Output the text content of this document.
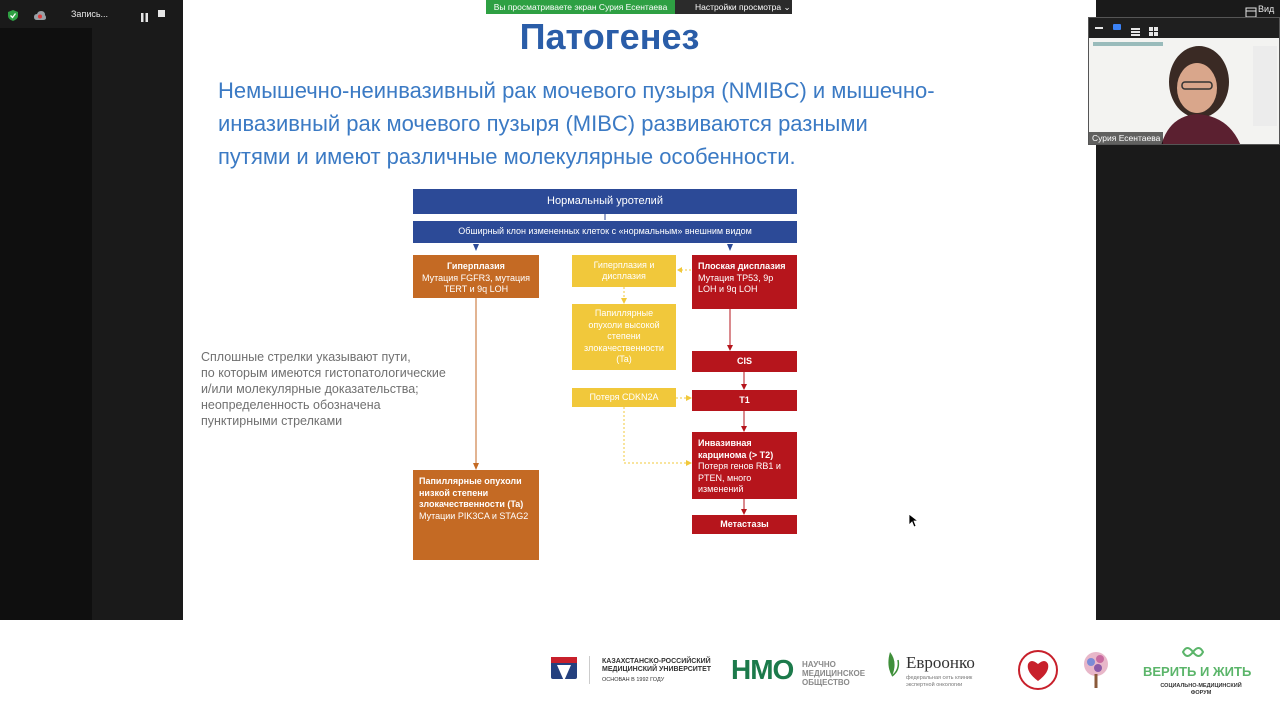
Запись...	Вид
Патогенез
Немышечно-неинвазивный рак мочевого пузыря (NMIBC) и мышечно-
инвазивный рак мочевого пузыря (MIBC) развиваются разными
путями и имеют различные молекулярные особенности.
Сплошные стрелки указывают пути,
по которым имеются гистопатологические
и/или молекулярные доказательства;
неопределенность обозначена
пунктирными стрелками
Нормальный уротелий
Обширный клон измененных клеток с «нормальным» внешним видом
Гиперплазия
Мутация FGFR3, мутация TERT и 9q LOH
Гиперплазия и дисплазия
Плоская дисплазия
Мутация TP53, 9р LOH и 9q LOH
Папиллярные опухоли высокой степени злокачественности (Ta)	CIS
Потеря CDKN2A	T1
Инвазивная карцинома (> T2)
Потеря генов RB1 и PTEN, много изменений
Папиллярные опухоли низкой степени злокачественности (Ta)
Мутации PIK3CA и STAG2
Метастазы
Вы просматриваете экран Сурия Есентаева	Настройки просмотра ⌄
Сурия Есентаева
КАЗАХСТАНСКО-РОССИЙСКИЙ МЕДИЦИНСКИЙ УНИВЕРСИТЕТ
ОСНОВАН В 1992 ГОДУ НМО НАУЧНО МЕДИЦИНСКОЕ ОБЩЕСТВО
Евроонко
федеральная сеть клиник экспертной онкологии
ВЕРИТЬ И ЖИТЬ
СОЦИАЛЬНО-МЕДИЦИНСКИЙ ФОРУМ
